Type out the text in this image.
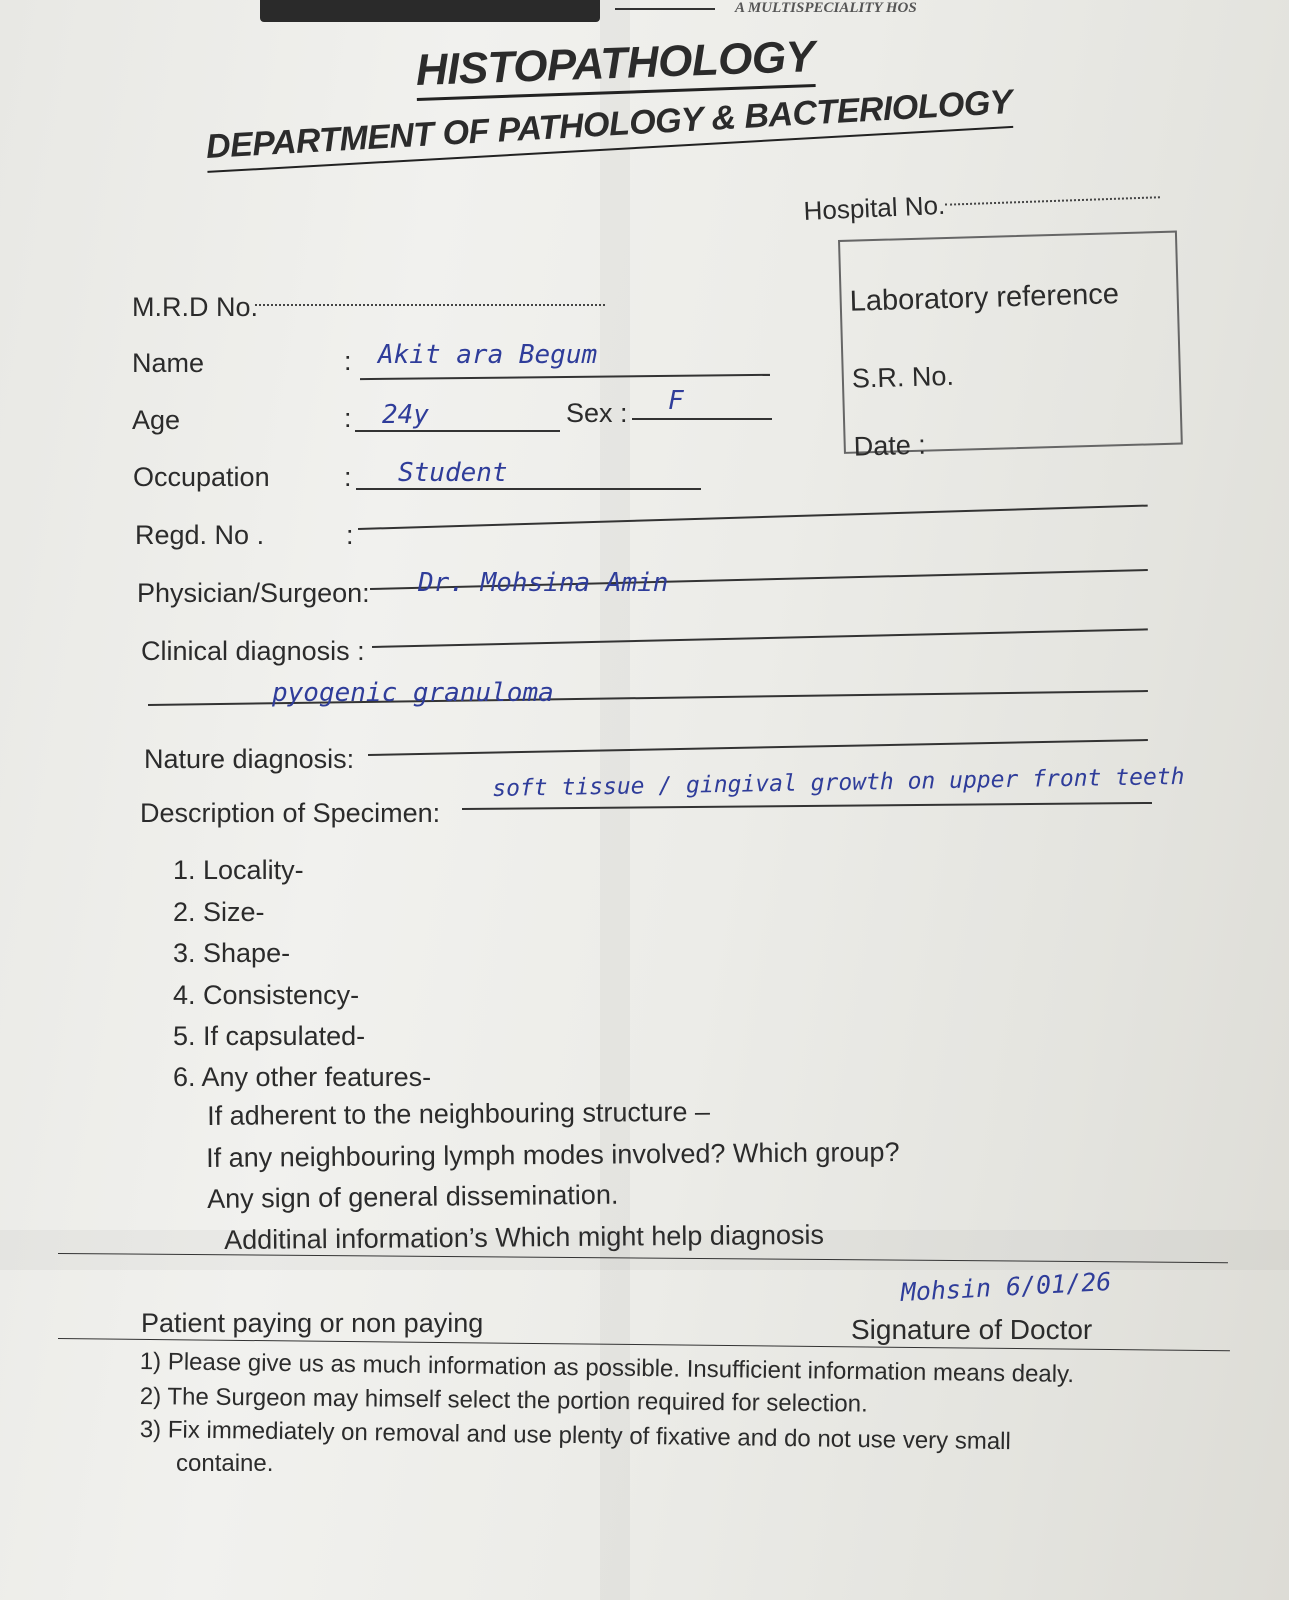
A MULTISPECIALITY HOS
HISTOPATHOLOGY
DEPARTMENT OF PATHOLOGY & BACTERIOLOGY
Hospital No.
Laboratory reference
S.R. No.
Date :
M.R.D No.
Name	: Akit ara Begum
Age	: 24y	Sex : F
Occupation	: Student
Regd. No .	:
Physician/Surgeon: Dr. Mohsina Amin
Clinical diagnosis :
pyogenic granuloma
Nature diagnosis:
Description of Specimen:
soft tissue / gingival growth on upper front teeth
1. Locality-
2. Size-
3. Shape-
4. Consistency-
5. If capsulated-
6. Any other features-
If adherent to the neighbouring structure –
If any neighbouring lymph modes involved? Which group?
Any sign of general dissemination.
Additinal information’s Which might help diagnosis
Patient paying or non paying	Signature of Doctor
Mohsin 6/01/26
1) Please give us as much information as possible. Insufficient information means dealy.
2) The Surgeon may himself select the portion required for selection.
3) Fix immediately on removal and use plenty of fixative and do not use very small
containe.
